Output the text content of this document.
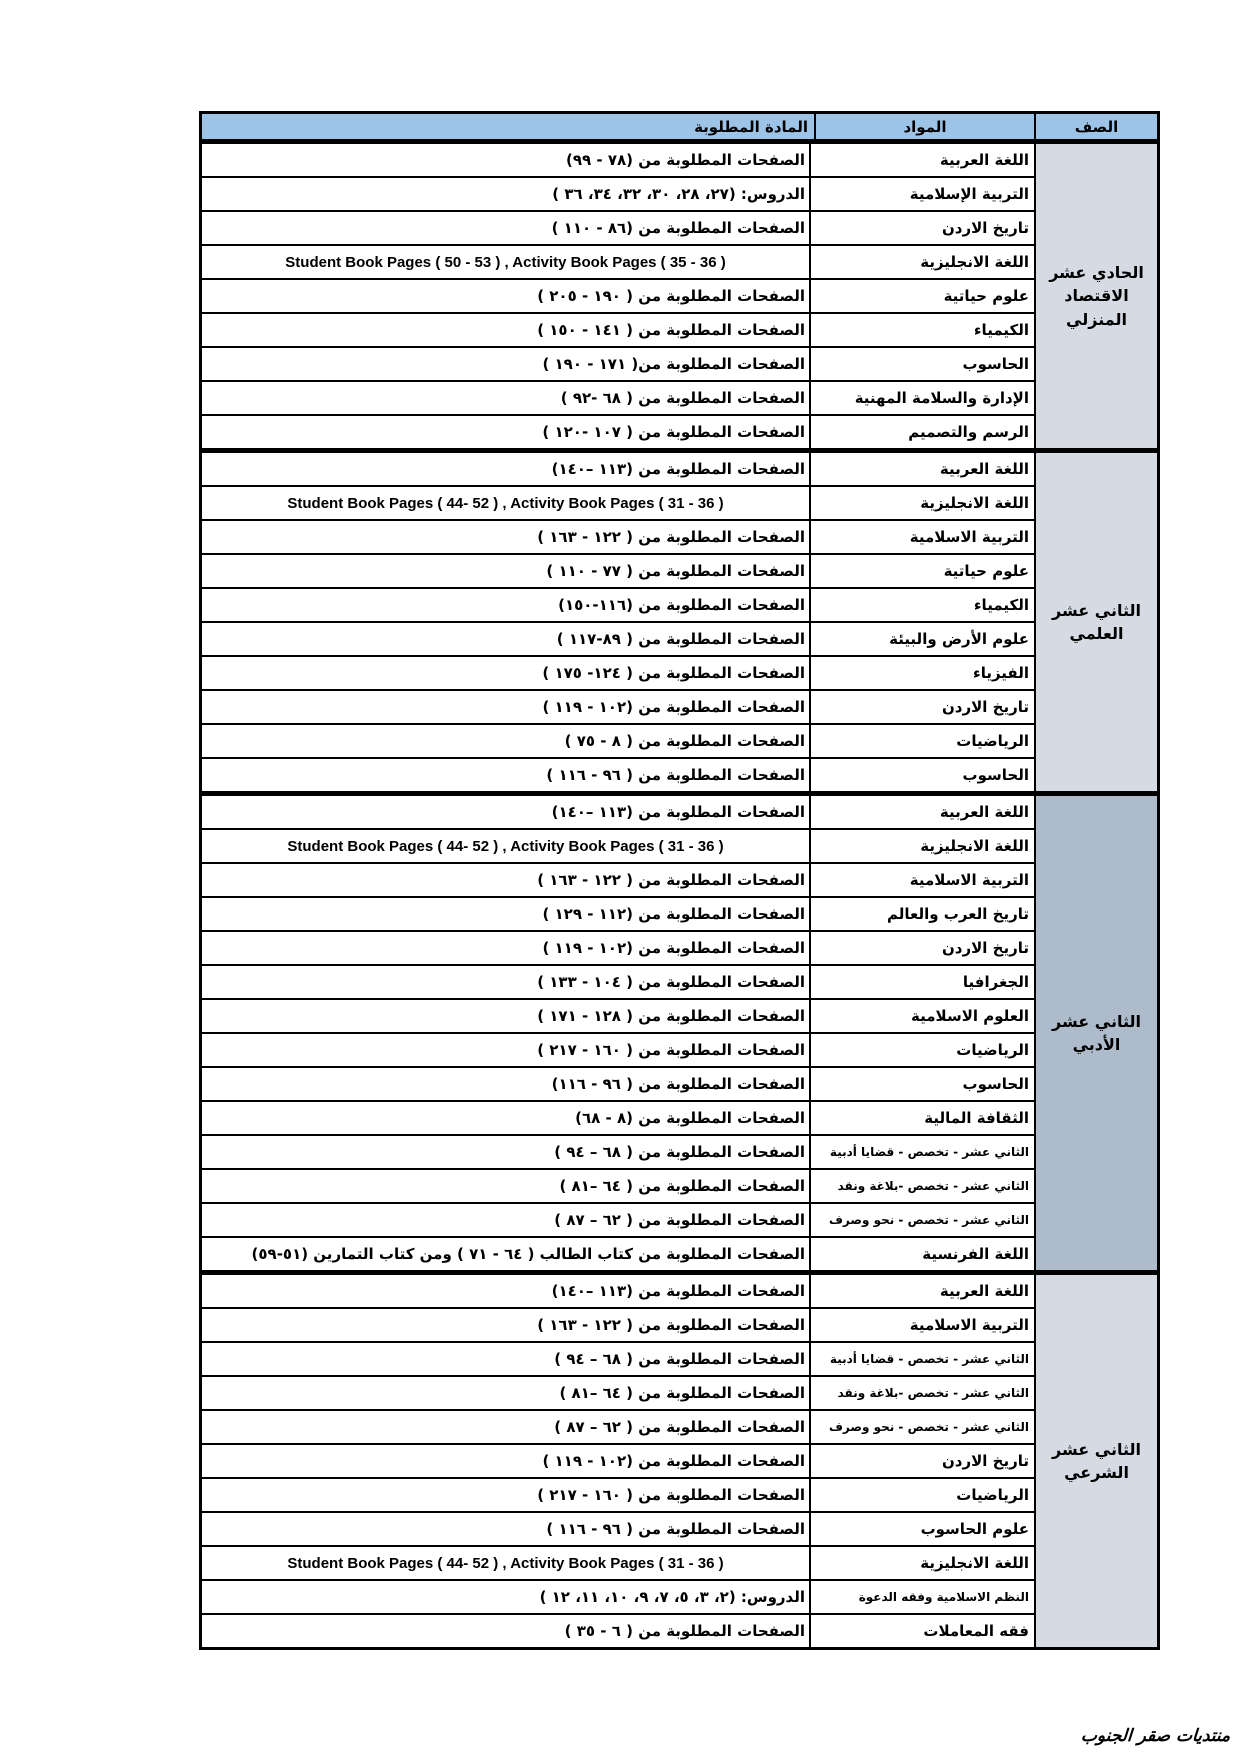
الصف
المواد
المادة المطلوبة
الحادي عشر
الاقتصاد المنزلي
اللغة العربية
الصفحات المطلوبة من (٧٨ - ٩٩)
التربية الإسلامية
الدروس: (٢٧، ٢٨، ٣٠، ٣٢، ٣٤، ٣٦ )
تاريخ الاردن
الصفحات المطلوبة من (٨٦ - ١١٠ )
اللغة الانجليزية
Student Book Pages ( 50 - 53 ) , Activity Book Pages ( 35 - 36 )
علوم حياتية
الصفحات المطلوبة من ( ١٩٠ - ٢٠٥ )
الكيمياء
الصفحات المطلوبة من ( ١٤١ - ١٥٠ )
الحاسوب
الصفحات المطلوبة من( ١٧١ - ١٩٠ )
الإدارة والسلامة المهنية
الصفحات المطلوبة من ( ٦٨ -٩٢ )
الرسم والتصميم
الصفحات المطلوبة من ( ١٠٧ -١٢٠ )
الثاني عشر
العلمي
اللغة العربية
الصفحات المطلوبة من (١١٣ –١٤٠)
اللغة الانجليزية
Student Book Pages ( 44- 52 ) , Activity Book Pages ( 31 - 36 )
التربية الاسلامية
الصفحات المطلوبة من ( ١٢٢ - ١٦٣ )
علوم حياتية
الصفحات المطلوبة من ( ٧٧ - ١١٠ )
الكيمياء
الصفحات المطلوبة من (١١٦-١٥٠)
علوم الأرض والبيئة
الصفحات المطلوبة من ( ٨٩-١١٧ )
الفيزياء
الصفحات المطلوبة من ( ١٢٤- ١٧٥ )
تاريخ الاردن
الصفحات المطلوبة من (١٠٢ - ١١٩ )
الرياضيات
الصفحات المطلوبة من ( ٨ - ٧٥ )
الحاسوب
الصفحات المطلوبة من ( ٩٦ - ١١٦ )
الثاني عشر
الأدبي
اللغة العربية
الصفحات المطلوبة من (١١٣ –١٤٠)
اللغة الانجليزية
Student Book Pages ( 44- 52 ) , Activity Book Pages ( 31 - 36 )
التربية الاسلامية
الصفحات المطلوبة من ( ١٢٢ - ١٦٣ )
تاريخ العرب والعالم
الصفحات المطلوبة من (١١٢ - ١٢٩ )
تاريخ الاردن
الصفحات المطلوبة من (١٠٢ - ١١٩ )
الجغرافيا
الصفحات المطلوبة من ( ١٠٤ - ١٣٣ )
العلوم الاسلامية
الصفحات المطلوبة من ( ١٢٨ - ١٧١ )
الرياضيات
الصفحات المطلوبة من ( ١٦٠ - ٢١٧ )
الحاسوب
الصفحات المطلوبة من ( ٩٦ - ١١٦)
الثقافة المالية
الصفحات المطلوبة من (٨ - ٦٨)
الثاني عشر - تخصص - قضايا أدبية
الصفحات المطلوبة من ( ٦٨ – ٩٤ )
الثاني عشر - تخصص -بلاغة ونقد
الصفحات المطلوبة من ( ٦٤ –٨١ )
الثاني عشر - تخصص - نحو وصرف
الصفحات المطلوبة من ( ٦٢ – ٨٧ )
اللغة الفرنسية
الصفحات المطلوبة من كتاب الطالب ( ٦٤ - ٧١ ) ومن كتاب التمارين (٥١-٥٩)
الثاني عشر
الشرعي
اللغة العربية
الصفحات المطلوبة من (١١٣ –١٤٠)
التربية الاسلامية
الصفحات المطلوبة من ( ١٢٢ - ١٦٣ )
الثاني عشر - تخصص - قضايا أدبية
الصفحات المطلوبة من ( ٦٨ – ٩٤ )
الثاني عشر - تخصص -بلاغة ونقد
الصفحات المطلوبة من ( ٦٤ –٨١ )
الثاني عشر - تخصص - نحو وصرف
الصفحات المطلوبة من ( ٦٢ – ٨٧ )
تاريخ الاردن
الصفحات المطلوبة من (١٠٢ - ١١٩ )
الرياضيات
الصفحات المطلوبة من ( ١٦٠ - ٢١٧ )
علوم الحاسوب
الصفحات المطلوبة من ( ٩٦ - ١١٦ )
اللغة الانجليزية
Student Book Pages ( 44- 52 ) , Activity Book Pages ( 31 - 36 )
النظم الاسلامية وفقه الدعوة
الدروس: (٢، ٣، ٥، ٧، ٩، ١٠، ١١، ١٢ )
فقه المعاملات
الصفحات المطلوبة من ( ٦ - ٣٥ )
منتديات صقر الجنوب
